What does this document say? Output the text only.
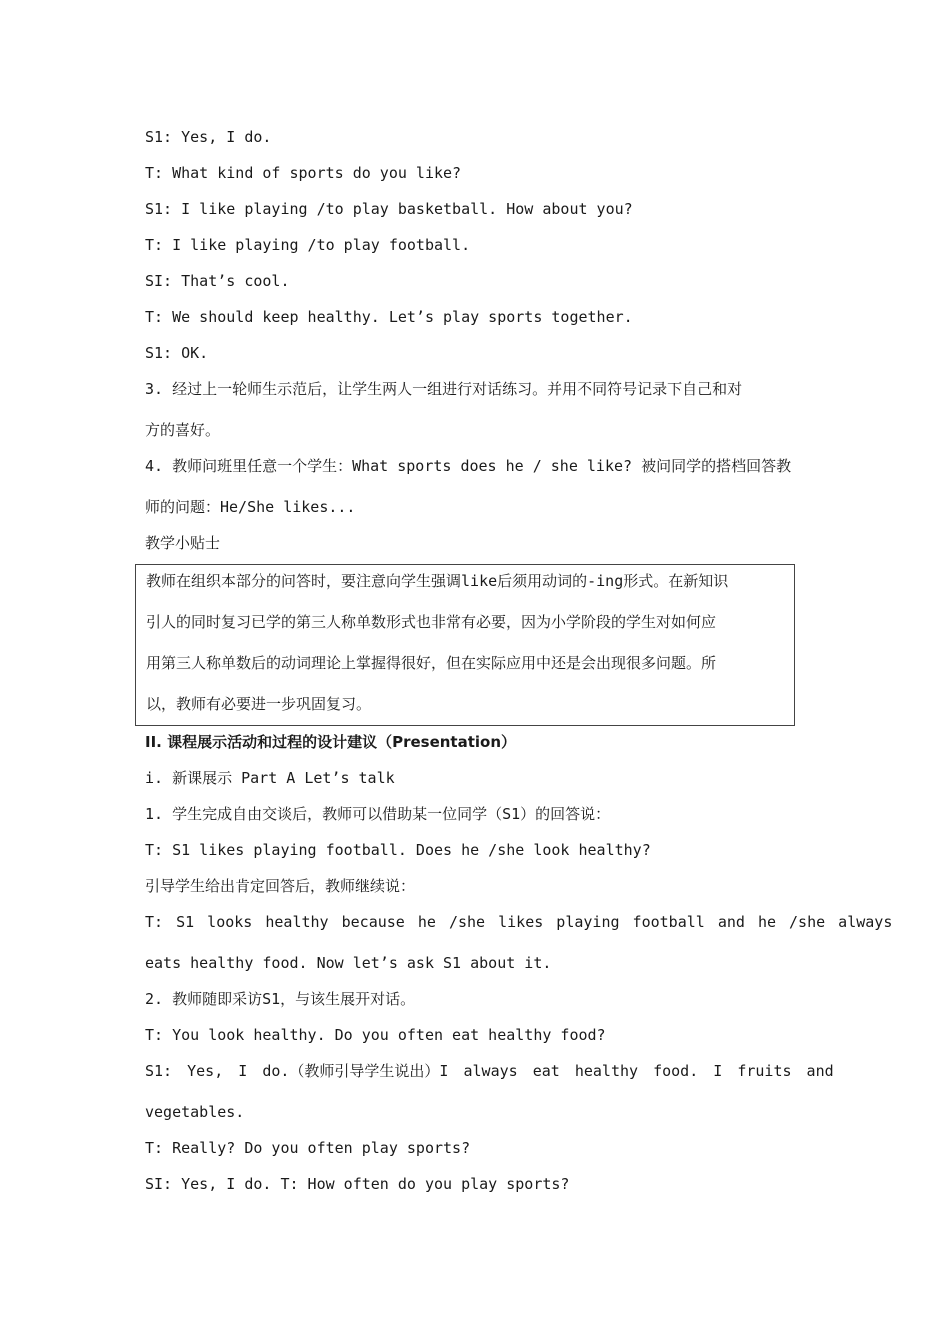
S1: Yes, I do.
T: What kind of sports do you like?
S1: I like playing /to play basketball. How about you?
T: I like playing /to play football.
SI: That’s cool.
T: We should keep healthy. Let’s play sports together.
S1: OK.
3. 经过上一轮师生示范后，让学生两人一组进行对话练习。并用不同符号记录下自己和对
方的喜好。
4. 教师问班里任意一个学生：What sports does he / she like? 被问同学的搭档回答教
师的问题：He/She likes...
教学小贴士
教师在组织本部分的问答时，要注意向学生强调like后须用动词的-ing形式。在新知识
引人的同时复习已学的第三人称单数形式也非常有必要，因为小学阶段的学生对如何应
用第三人称单数后的动词理论上掌握得很好，但在实际应用中还是会出现很多问题。所
以，教师有必要进一步巩固复习。
II. 课程展示活动和过程的设计建议（Presentation）
i. 新课展示 Part A Let’s talk
1. 学生完成自由交谈后，教师可以借助某一位同学（S1）的回答说：
T: S1 likes playing football. Does he /she look healthy?
引导学生给出肯定回答后，教师继续说：
T: S1 looks healthy because he /she likes playing football and he /she always
eats healthy food. Now let’s ask S1 about it.
2. 教师随即采访S1，与该生展开对话。
T: You look healthy. Do you often eat healthy food?
S1: Yes, I do.（教师引导学生说出）I always eat healthy food. I fruits and
vegetables.
T: Really? Do you often play sports?
SI: Yes, I do. T: How often do you play sports?
